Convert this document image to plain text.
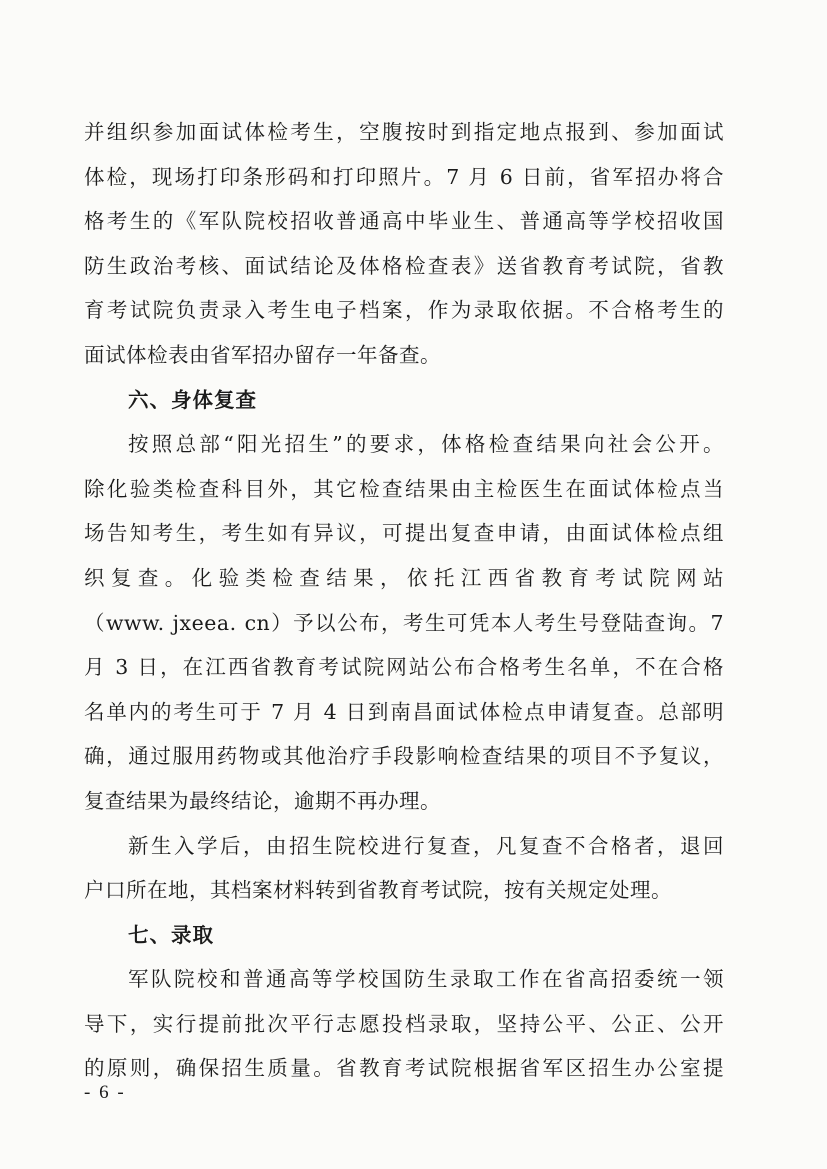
并组织参加面试体检考生，空腹按时到指定地点报到、参加面试
体检，现场打印条形码和打印照片。7 月 6 日前，省军招办将合
格考生的《军队院校招收普通高中毕业生、普通高等学校招收国
防生政治考核、面试结论及体格检查表》送省教育考试院，省教
育考试院负责录入考生电子档案，作为录取依据。不合格考生的
面试体检表由省军招办留存一年备查。
六、身体复查
按照总部“阳光招生”的要求，体格检查结果向社会公开。
除化验类检查科目外，其它检查结果由主检医生在面试体检点当
场告知考生，考生如有异议，可提出复查申请，由面试体检点组
织复查。化验类检查结果，依托江西省教育考试院网站
（www. jxeea. cn）予以公布，考生可凭本人考生号登陆查询。7
月 3 日，在江西省教育考试院网站公布合格考生名单，不在合格
名单内的考生可于 7 月 4 日到南昌面试体检点申请复查。总部明
确，通过服用药物或其他治疗手段影响检查结果的项目不予复议，
复查结果为最终结论，逾期不再办理。
新生入学后，由招生院校进行复查，凡复查不合格者，退回
户口所在地，其档案材料转到省教育考试院，按有关规定处理。
七、录取
军队院校和普通高等学校国防生录取工作在省高招委统一领
导下，实行提前批次平行志愿投档录取，坚持公平、公正、公开
的原则，确保招生质量。省教育考试院根据省军区招生办公室提
- 6 -
